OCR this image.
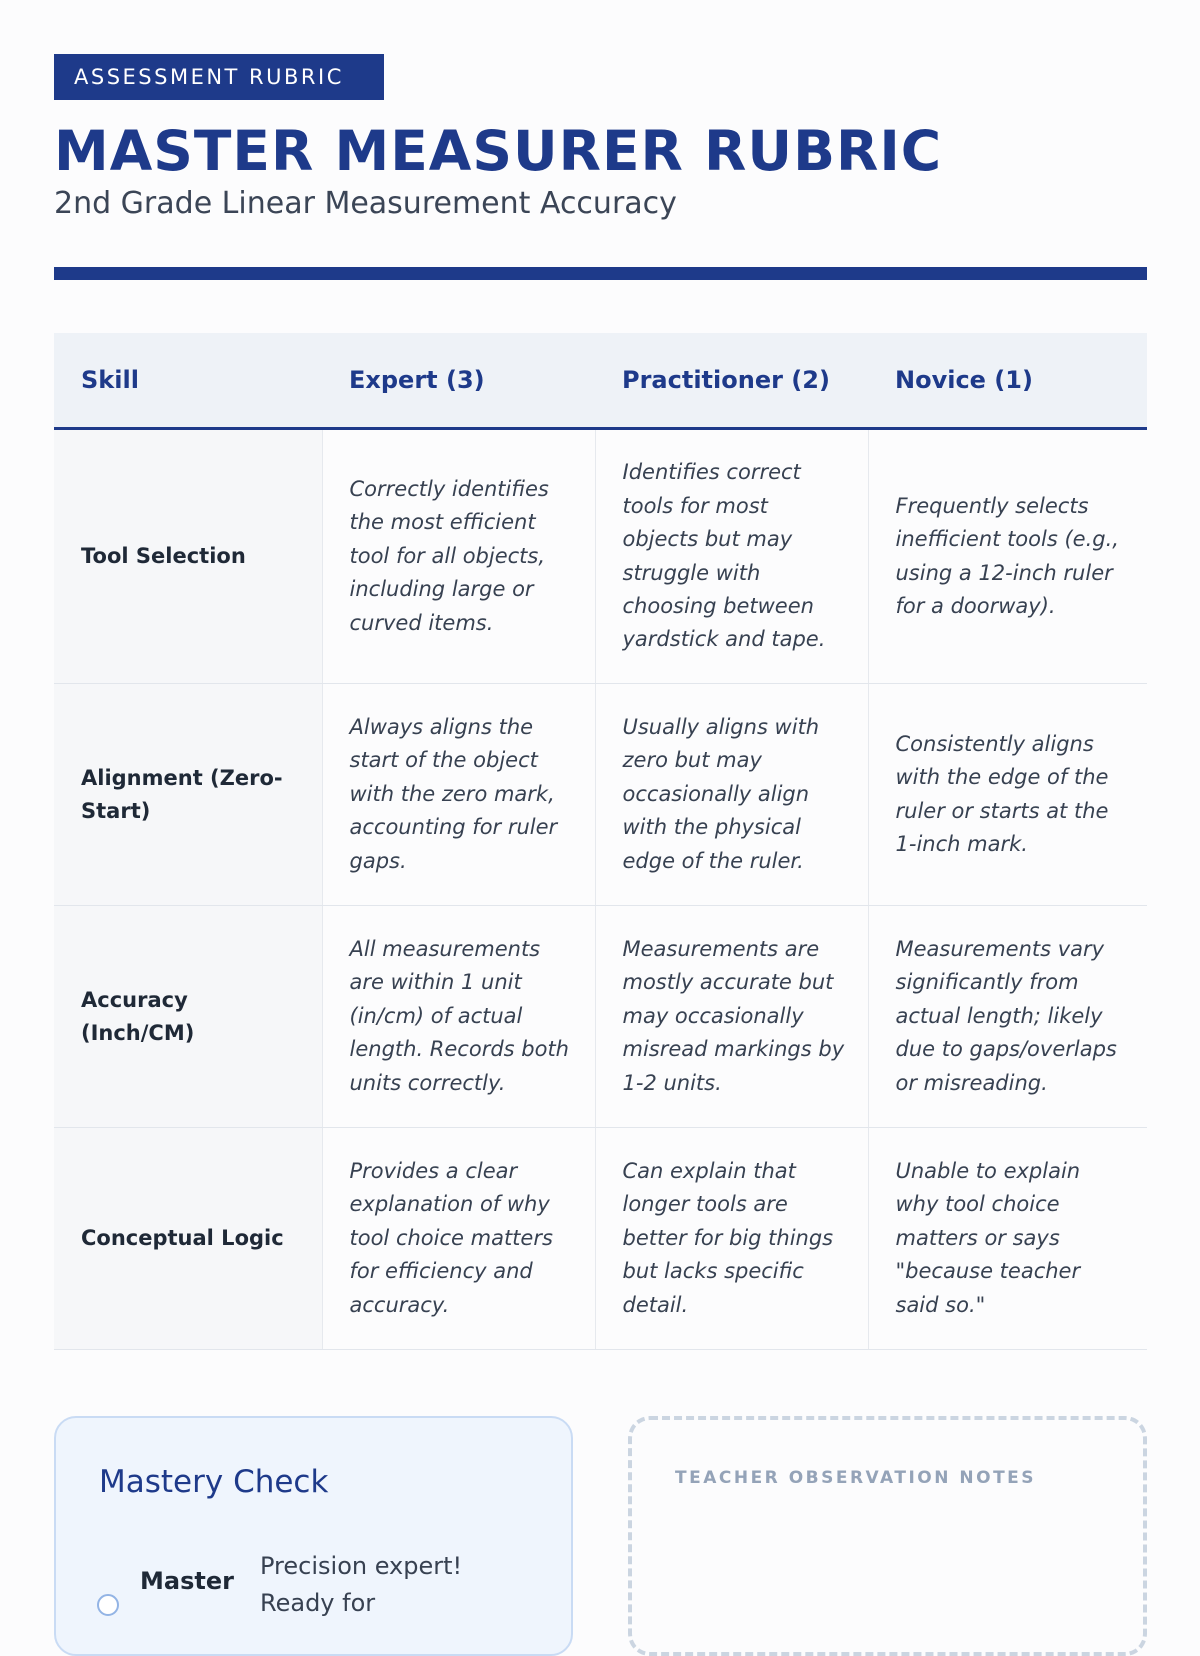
ASSESSMENT RUBRIC
MASTER MEASURER RUBRIC

2nd Grade Linear Measurement Accuracy

Skill	Expert (3)	Practitioner (2)	Novice (1)
Tool Selection	Correctly identifies the most efficient tool for all objects, including large or curved items.	Identifies correct tools for most objects but may struggle with choosing between yardstick and tape.	Frequently selects inefficient tools (e.g., using a 12-inch ruler for a doorway).
Alignment (Zero-Start)	Always aligns the start of the object with the zero mark, accounting for ruler gaps.	Usually aligns with zero but may occasionally align with the physical edge of the ruler.	Consistently aligns with the edge of the ruler or starts at the 1-inch mark.
Accuracy (Inch/CM)	All measurements are within 1 unit (in/cm) of actual length. Records both units correctly.	Measurements are mostly accurate but may occasionally misread markings by 1-2 units.	Measurements vary significantly from actual length; likely due to gaps/overlaps or misreading.
Conceptual Logic	Provides a clear explanation of why tool choice matters for efficiency and accuracy.	Can explain that longer tools are better for big things but lacks specific detail.	Unable to explain why tool choice matters or says "because teacher said so."
Mastery Check
Master
Precision expert! Ready for
TEACHER OBSERVATION NOTES
